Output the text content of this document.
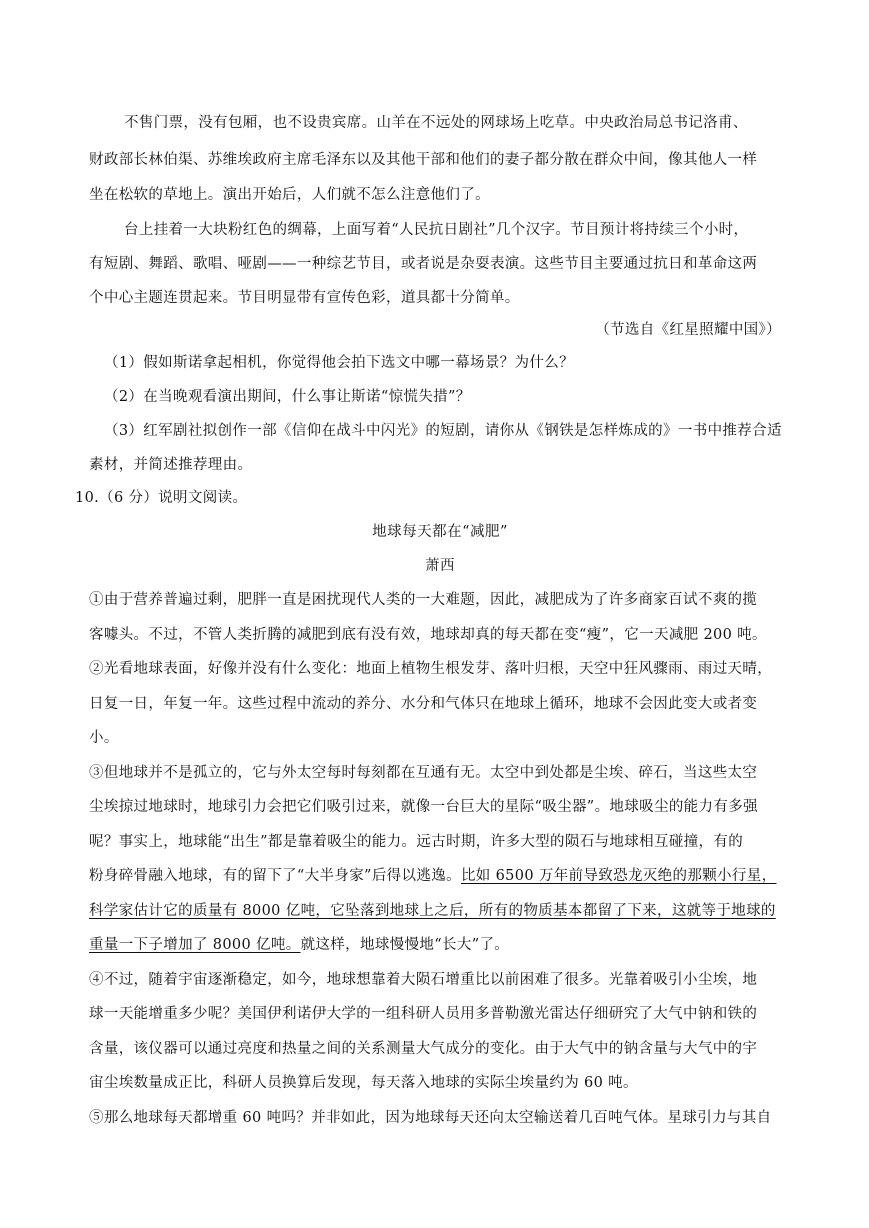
不售门票，没有包厢，也不设贵宾席。山羊在不远处的网球场上吃草。中央政治局总书记洛甫、
财政部长林伯渠、苏维埃政府主席毛泽东以及其他干部和他们的妻子都分散在群众中间，像其他人一样
坐在松软的草地上。演出开始后，人们就不怎么注意他们了。
台上挂着一大块粉红色的绸幕，上面写着“人民抗日剧社”几个汉字。节目预计将持续三个小时，
有短剧、舞蹈、歌唱、哑剧——一种综艺节目，或者说是杂耍表演。这些节目主要通过抗日和革命这两
个中心主题连贯起来。节目明显带有宣传色彩，道具都十分简单。
（节选自《红星照耀中国》）
（1）假如斯诺拿起相机，你觉得他会拍下选文中哪一幕场景？为什么？
（2）在当晚观看演出期间，什么事让斯诺“惊慌失措”？
（3）红军剧社拟创作一部《信仰在战斗中闪光》的短剧，请你从《钢铁是怎样炼成的》一书中推荐合适
素材，并简述推荐理由。
10.（6 分）说明文阅读。
地球每天都在“减肥”
萧西
①由于营养普遍过剩，肥胖一直是困扰现代人类的一大难题，因此，减肥成为了许多商家百试不爽的揽
客噱头。不过，不管人类折腾的减肥到底有没有效，地球却真的每天都在变“瘦”，它一天减肥 200 吨。
②光看地球表面，好像并没有什么变化：地面上植物生根发芽、落叶归根，天空中狂风骤雨、雨过天晴，
日复一日，年复一年。这些过程中流动的养分、水分和气体只在地球上循环，地球不会因此变大或者变
小。
③但地球并不是孤立的，它与外太空每时每刻都在互通有无。太空中到处都是尘埃、碎石，当这些太空
尘埃掠过地球时，地球引力会把它们吸引过来，就像一台巨大的星际“吸尘器”。地球吸尘的能力有多强
呢？事实上，地球能“出生”都是靠着吸尘的能力。远古时期，许多大型的陨石与地球相互碰撞，有的
粉身碎骨融入地球，有的留下了“大半身家”后得以逃逸。比如 6500 万年前导致恐龙灭绝的那颗小行星，
科学家估计它的质量有 8000 亿吨，它坠落到地球上之后，所有的物质基本都留了下来，这就等于地球的
重量一下子增加了 8000 亿吨。就这样，地球慢慢地“长大”了。
④不过，随着宇宙逐渐稳定，如今，地球想靠着大陨石增重比以前困难了很多。光靠着吸引小尘埃，地
球一天能增重多少呢？美国伊利诺伊大学的一组科研人员用多普勒激光雷达仔细研究了大气中钠和铁的
含量，该仪器可以通过亮度和热量之间的关系测量大气成分的变化。由于大气中的钠含量与大气中的宇
宙尘埃数量成正比，科研人员换算后发现，每天落入地球的实际尘埃量约为 60 吨。
⑤那么地球每天都增重 60 吨吗？并非如此，因为地球每天还向太空输送着几百吨气体。星球引力与其自
